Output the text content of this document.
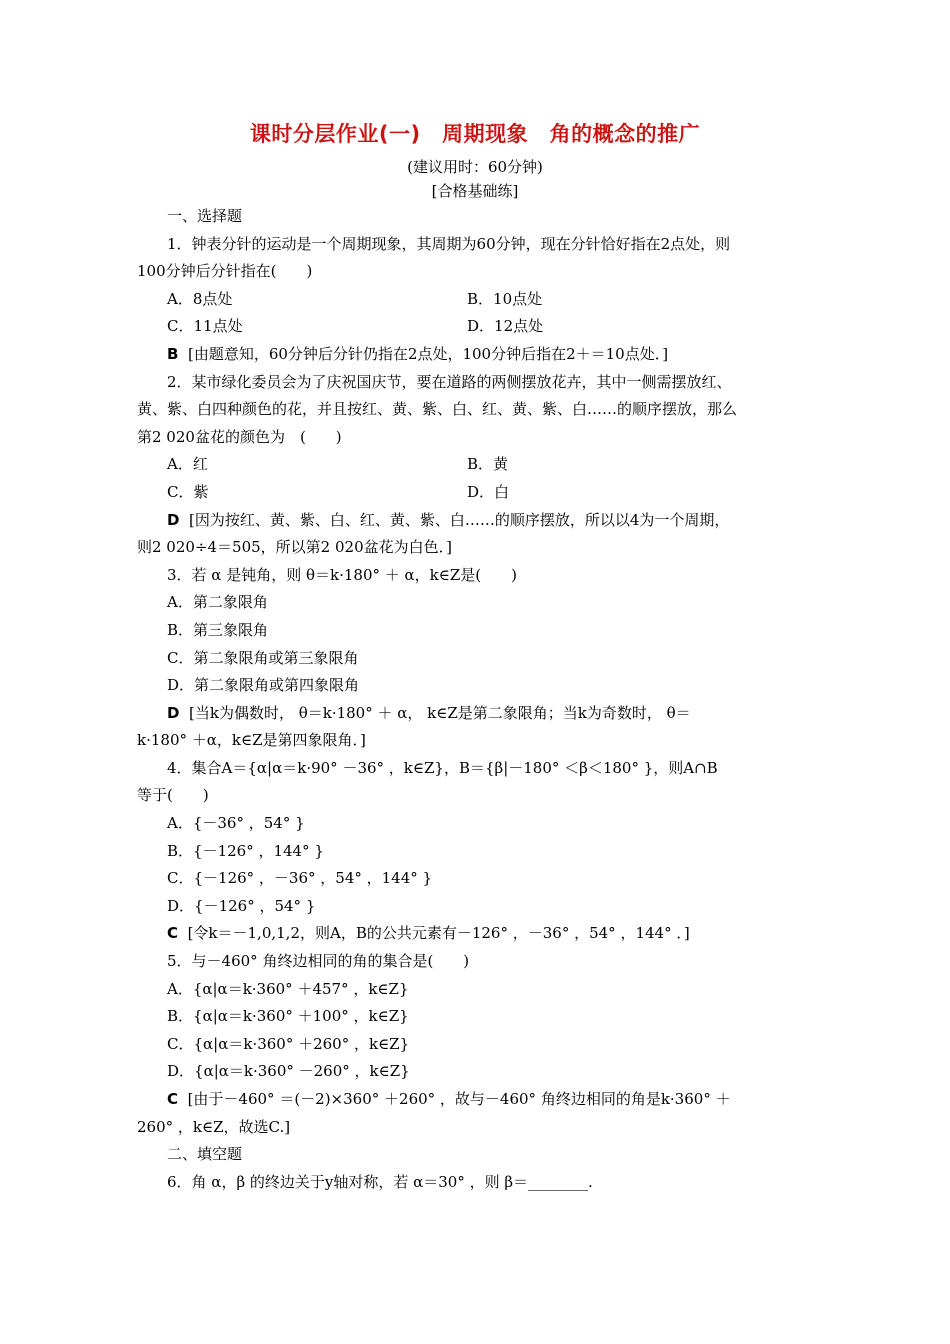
课时分层作业(一)　周期现象　角的概念的推广
(建议用时：60分钟)
[合格基础练]

一、选择题

1．钟表分针的运动是一个周期现象，其周期为60分钟，现在分针恰好指在2点处，则

100分钟后分针指在(　　)

A．8点处	B．10点处
C．11点处	D．12点处

B [由题意知，60分钟后分针仍指在2点处，100分钟后指在2＋＝10点处．]

2．某市绿化委员会为了庆祝国庆节，要在道路的两侧摆放花卉，其中一侧需摆放红、

黄、紫、白四种颜色的花，并且按红、黄、紫、白、红、黄、紫、白……的顺序摆放，那么

第2 020盆花的颜色为　(　　)

A．红	B．黄
C．紫	D．白

D [因为按红、黄、紫、白、红、黄、紫、白……的顺序摆放，所以以4为一个周期，

则2 020÷4＝505，所以第2 020盆花为白色．]

3．若 α 是钝角，则 θ＝k·180° ＋ α，k∈Z是(　　)

A．第二象限角

B．第三象限角

C．第二象限角或第三象限角

D．第二象限角或第四象限角

D [当k为偶数时， θ＝k·180° ＋ α， k∈Z是第二象限角；当k为奇数时， θ＝

k·180° ＋α，k∈Z是第四象限角．]

4．集合A＝{α|α＝k·90° －36° ，k∈Z}，B＝{β|－180° ＜β＜180° }，则A∩B

等于(　　)

A．{－36° ，54° }

B．{－126° ，144° }

C．{－126° ，－36° ，54° ，144° }

D．{－126° ，54° }

C [令k＝－1,0,1,2，则A，B的公共元素有－126° ，－36° ，54° ，144° ．]

5．与－460° 角终边相同的角的集合是(　　)

A．{α|α＝k·360° ＋457° ，k∈Z}

B．{α|α＝k·360° ＋100° ，k∈Z}

C．{α|α＝k·360° ＋260° ，k∈Z}

D．{α|α＝k·360° －260° ，k∈Z}

C [由于－460° ＝(－2)×360° ＋260° ，故与－460° 角终边相同的角是k·360° ＋

260° ，k∈Z，故选C.]

二、填空题

6．角 α，β 的终边关于y轴对称，若 α＝30° ，则 β＝________.
